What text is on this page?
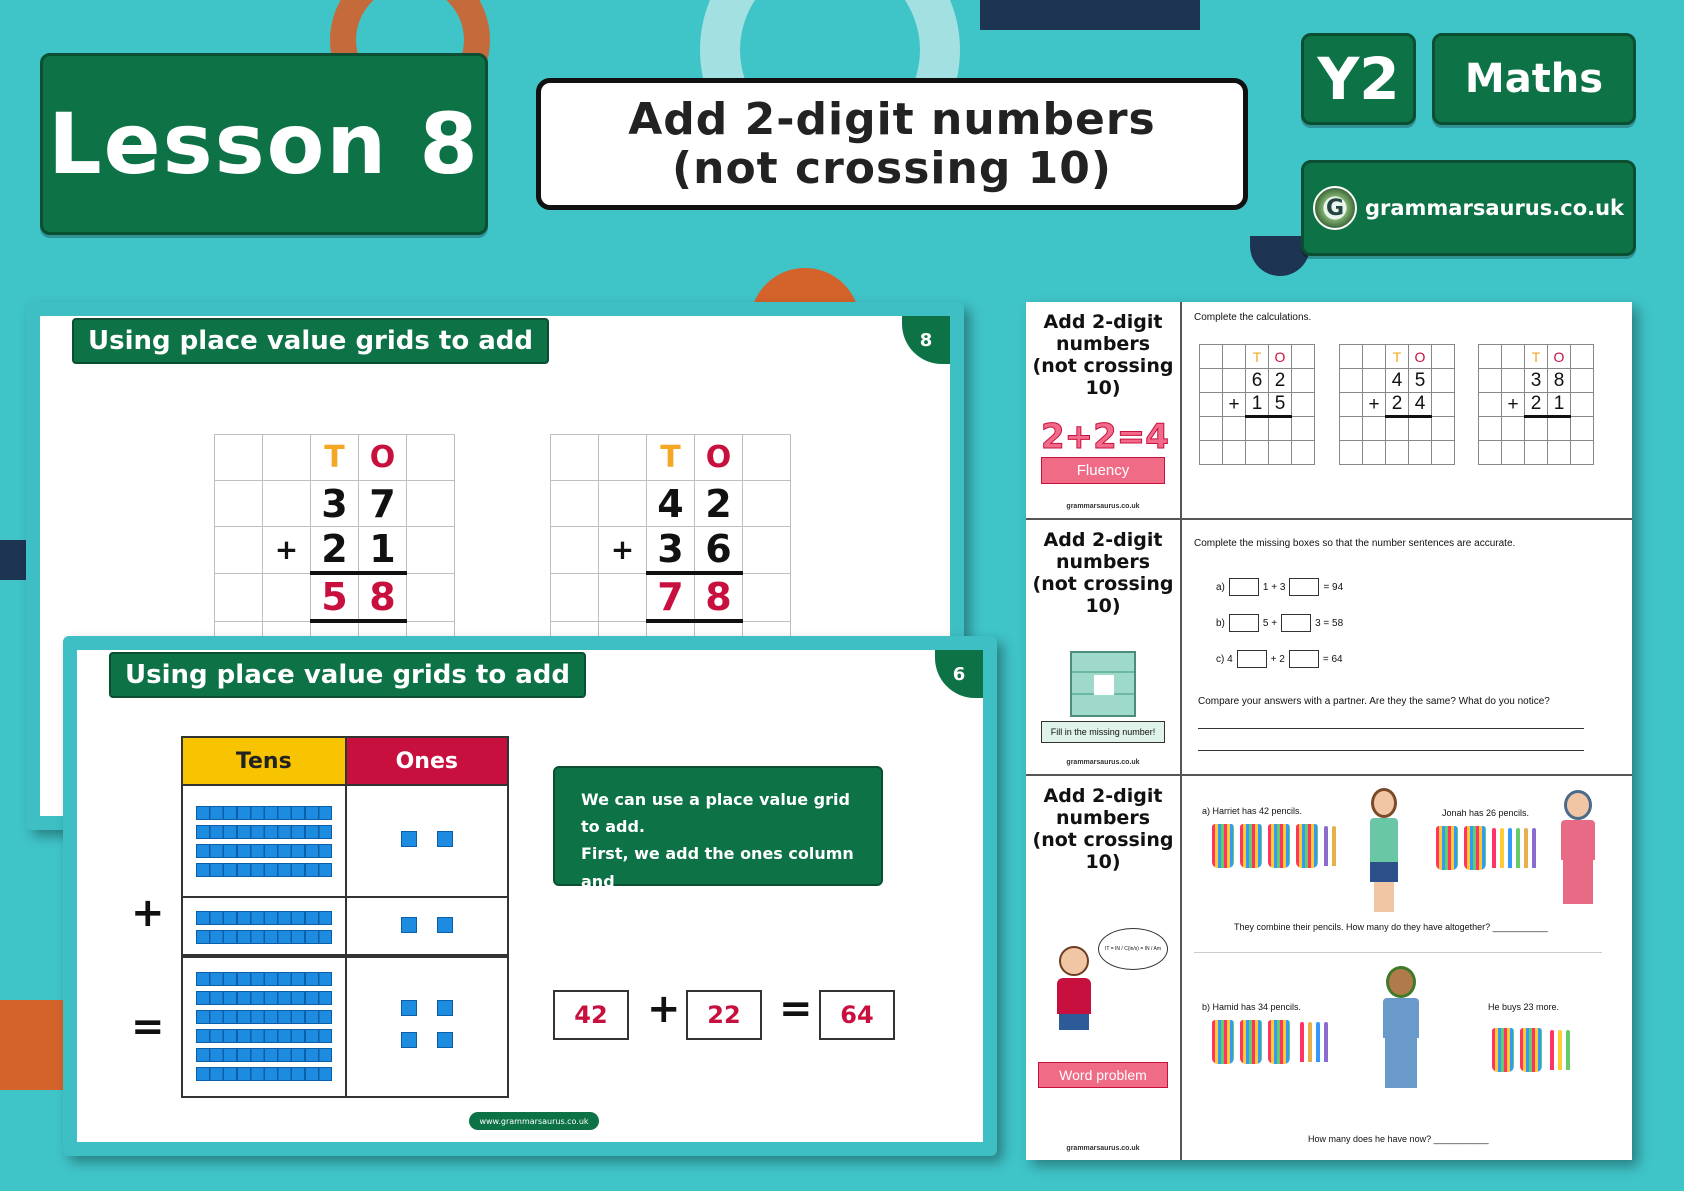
Lesson 8	Add 2-digit numbers
(not crossing 10)
Y2	Maths
G grammarsaurus.co.uk
Using place value grids to add	8
		T	O	
		3	7	
	+	2	1	
		5	8	

		T	O	
		4	2	
	+	3	6	
		7	8	

Using place value grids to add	6
Tens	Ones

+
=
We can use a place value grid to add.
First, we add the ones column and
then we add the tens column.
42 +	22 =	64
www.grammarsaurus.co.uk
Add 2-digit
numbers
(not crossing 10)
2+2=4
Fluency
grammarsaurus.co.uk
Complete the calculations.
		T	O	
		6	2	
	+	1	5	

		T	O	
		4	5	
	+	2	4	

		T	O	
		3	8	
	+	2	1	

Add 2-digit
numbers
(not crossing 10)
Fill in the missing number!
grammarsaurus.co.uk
Complete the missing boxes so that the number sentences are accurate.
a)	1 + 3	= 94
b)	5 +	3 = 58
c) 4	+ 2	= 64
Compare your answers with a partner. Are they the same? What do you notice?
Add 2-digit
numbers
(not crossing 10)
IT = IN / C(in/s) = IN / Am
Word problem
grammarsaurus.co.uk
a) Harriet has 42 pencils.	Jonah has 26 pencils.
They combine their pencils. How many do they have altogether? ___________
b) Hamid has 34 pencils.	He buys 23 more.
How many does he have now? ___________
